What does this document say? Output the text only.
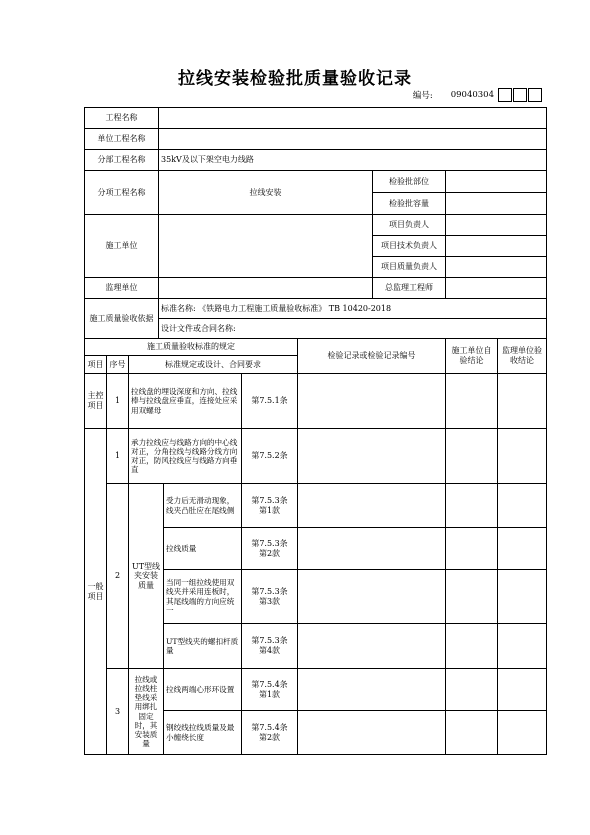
拉线安装检验批质量验收记录
编号: 09040304
工程名称									
单位工程名称									
分部工程名称			35kV及以下架空电力线路						
分项工程名称			拉线安装				检验批部位		
							检验批容量		
施工单位							项目负责人		
							项目技术负责人		
							项目质量负责人		
监理单位							总监理工程师		
施工质量验收依据			标准名称: 《铁路电力工程施工质量验收标准》 TB 10420-2018						
			设计文件或合同名称:						
施工质量验收标准的规定						检验记录或检验记录编号		施工单位自验结论	监理单位验收结论
项目	序号	标准规定或设计、合同要求							
主控项目	1	拉线盘的埋设深度和方向、拉线棒与拉线盘应垂直，连接处应采用双螺母			第7.5.1条				
一般项目	1	承力拉线应与线路方向的中心线对正，分角拉线与线路分线方向对正，防风拉线应与线路方向垂直			第7.5.2条				
	2	UT型线夹安装质量		受力后无滑动现象，线夹凸肚应在尾线侧	第7.5.3条
第1款				
				拉线质量	第7.5.3条
第2款				
				当同一组拉线使用双线夹并采用连板时，其尾线端的方向应统一	第7.5.3条
第3款				
				UT型线夹的螺扣杆质量	第7.5.3条
第4款				
	3	拉线或拉线柱垫线采用绑扎固定时，其安装质量		拉线两端心形环设置	第7.5.4条
第1款				
				钢绞线拉线质量及最小缠绕长度	第7.5.4条
第2款				
